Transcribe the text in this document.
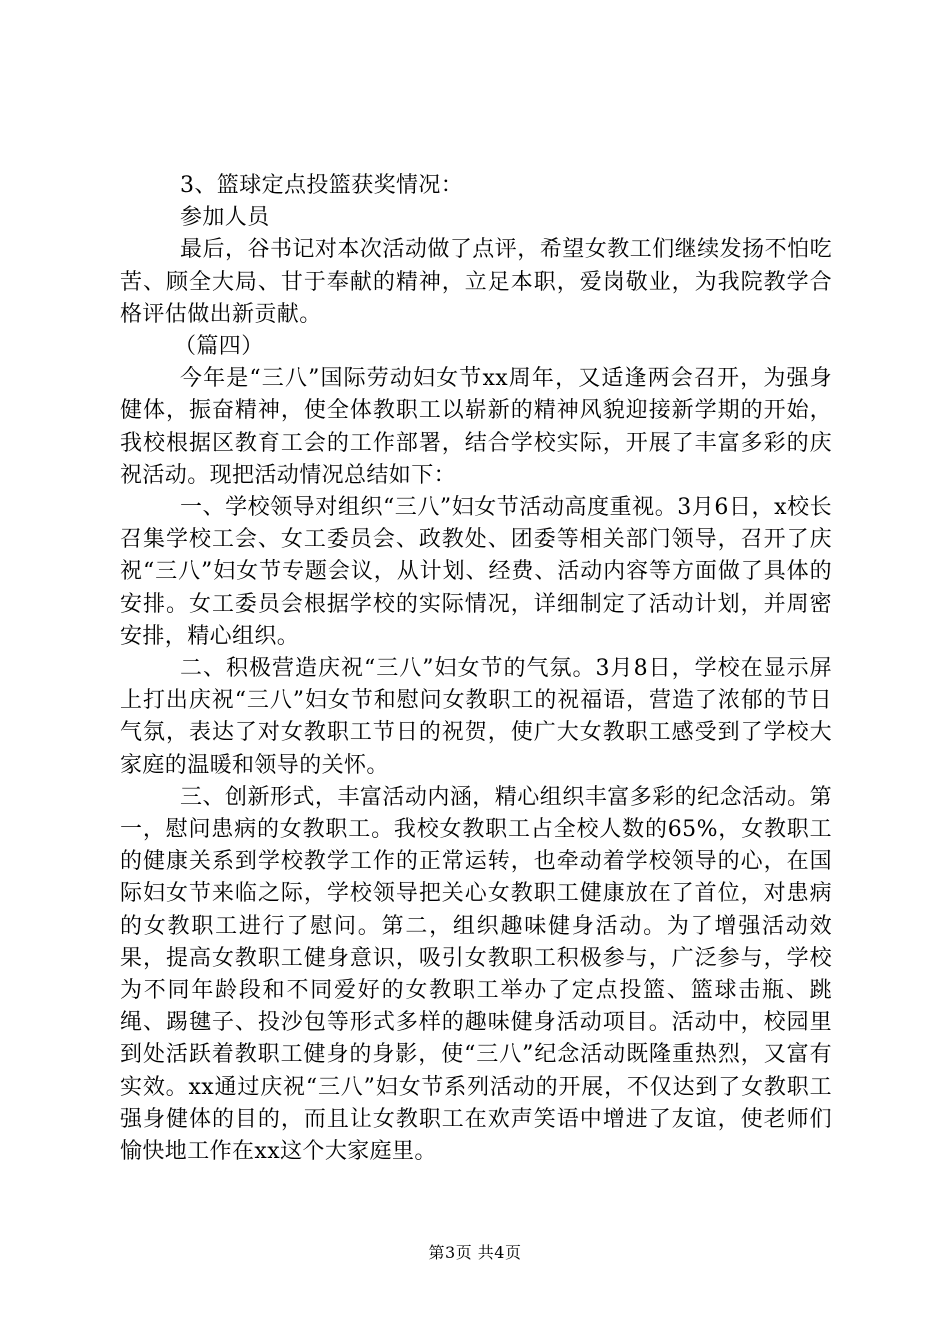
3、篮球定点投篮获奖情况：

参加人员

最后，谷书记对本次活动做了点评，希望女教工们继续发扬不怕吃苦、顾全大局、甘于奉献的精神，立足本职，爱岗敬业，为我院教学合格评估做出新贡献。

（篇四）

今年是“三八”国际劳动妇女节xx周年，又适逢两会召开，为强身健体，振奋精神，使全体教职工以崭新的精神风貌迎接新学期的开始，我校根据区教育工会的工作部署，结合学校实际，开展了丰富多彩的庆祝活动。现把活动情况总结如下：

一、学校领导对组织“三八”妇女节活动高度重视。3月6日，x校长召集学校工会、女工委员会、政教处、团委等相关部门领导，召开了庆祝“三八”妇女节专题会议，从计划、经费、活动内容等方面做了具体的安排。女工委员会根据学校的实际情况，详细制定了活动计划，并周密安排，精心组织。

二、积极营造庆祝“三八”妇女节的气氛。3月8日，学校在显示屏上打出庆祝“三八”妇女节和慰问女教职工的祝福语，营造了浓郁的节日气氛，表达了对女教职工节日的祝贺，使广大女教职工感受到了学校大家庭的温暖和领导的关怀。

三、创新形式，丰富活动内涵，精心组织丰富多彩的纪念活动。第一，慰问患病的女教职工。我校女教职工占全校人数的65%，女教职工的健康关系到学校教学工作的正常运转，也牵动着学校领导的心，在国际妇女节来临之际，学校领导把关心女教职工健康放在了首位，对患病的女教职工进行了慰问。第二，组织趣味健身活动。为了增强活动效果，提高女教职工健身意识，吸引女教职工积极参与，广泛参与，学校为不同年龄段和不同爱好的女教职工举办了定点投篮、篮球击瓶、跳绳、踢毽子、投沙包等形式多样的趣味健身活动项目。活动中，校园里到处活跃着教职工健身的身影，使“三八”纪念活动既隆重热烈，又富有实效。xx通过庆祝“三八”妇女节系列活动的开展，不仅达到了女教职工强身健体的目的，而且让女教职工在欢声笑语中增进了友谊，使老师们愉快地工作在xx这个大家庭里。

第3页 共4页
